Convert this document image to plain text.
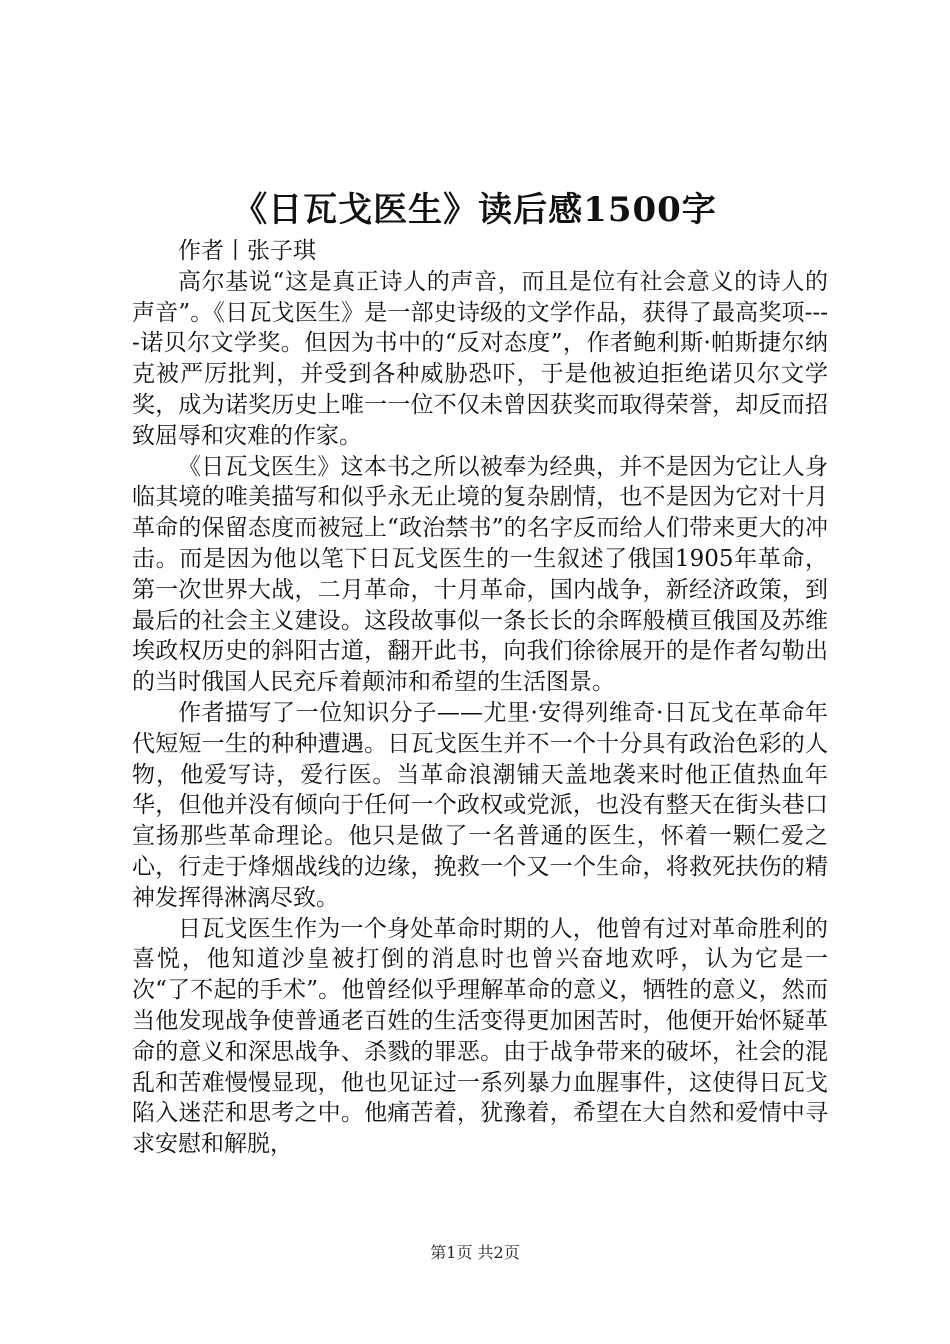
《日瓦戈医生》读后感1500字

作者丨张子琪

高尔基说“这是真正诗人的声音，而且是位有社会意义的诗人的声音”。《日瓦戈医生》是一部史诗级的文学作品，获得了最高奖项----诺贝尔文学奖。但因为书中的“反对态度”，作者鲍利斯·帕斯捷尔纳克被严厉批判，并受到各种威胁恐吓，于是他被迫拒绝诺贝尔文学奖，成为诺奖历史上唯一一位不仅未曾因获奖而取得荣誉，却反而招致屈辱和灾难的作家。

《日瓦戈医生》这本书之所以被奉为经典，并不是因为它让人身临其境的唯美描写和似乎永无止境的复杂剧情，也不是因为它对十月革命的保留态度而被冠上“政治禁书”的名字反而给人们带来更大的冲击。而是因为他以笔下日瓦戈医生的一生叙述了俄国1905年革命，第一次世界大战，二月革命，十月革命，国内战争，新经济政策，到最后的社会主义建设。这段故事似一条长长的余晖般横亘俄国及苏维埃政权历史的斜阳古道，翻开此书，向我们徐徐展开的是作者勾勒出的当时俄国人民充斥着颠沛和希望的生活图景。

作者描写了一位知识分子——尤里·安得列维奇·日瓦戈在革命年代短短一生的种种遭遇。日瓦戈医生并不一个十分具有政治色彩的人物，他爱写诗，爱行医。当革命浪潮铺天盖地袭来时他正值热血年华，但他并没有倾向于任何一个政权或党派，也没有整天在街头巷口宣扬那些革命理论。他只是做了一名普通的医生，怀着一颗仁爱之心，行走于烽烟战线的边缘，挽救一个又一个生命，将救死扶伤的精神发挥得淋漓尽致。

日瓦戈医生作为一个身处革命时期的人，他曾有过对革命胜利的喜悦，他知道沙皇被打倒的消息时也曾兴奋地欢呼，认为它是一次“了不起的手术”。他曾经似乎理解革命的意义，牺牲的意义，然而当他发现战争使普通老百姓的生活变得更加困苦时，他便开始怀疑革命的意义和深思战争、杀戮的罪恶。由于战争带来的破坏，社会的混乱和苦难慢慢显现，他也见证过一系列暴力血腥事件，这使得日瓦戈陷入迷茫和思考之中。他痛苦着，犹豫着，希望在大自然和爱情中寻求安慰和解脱，

第1页 共2页
